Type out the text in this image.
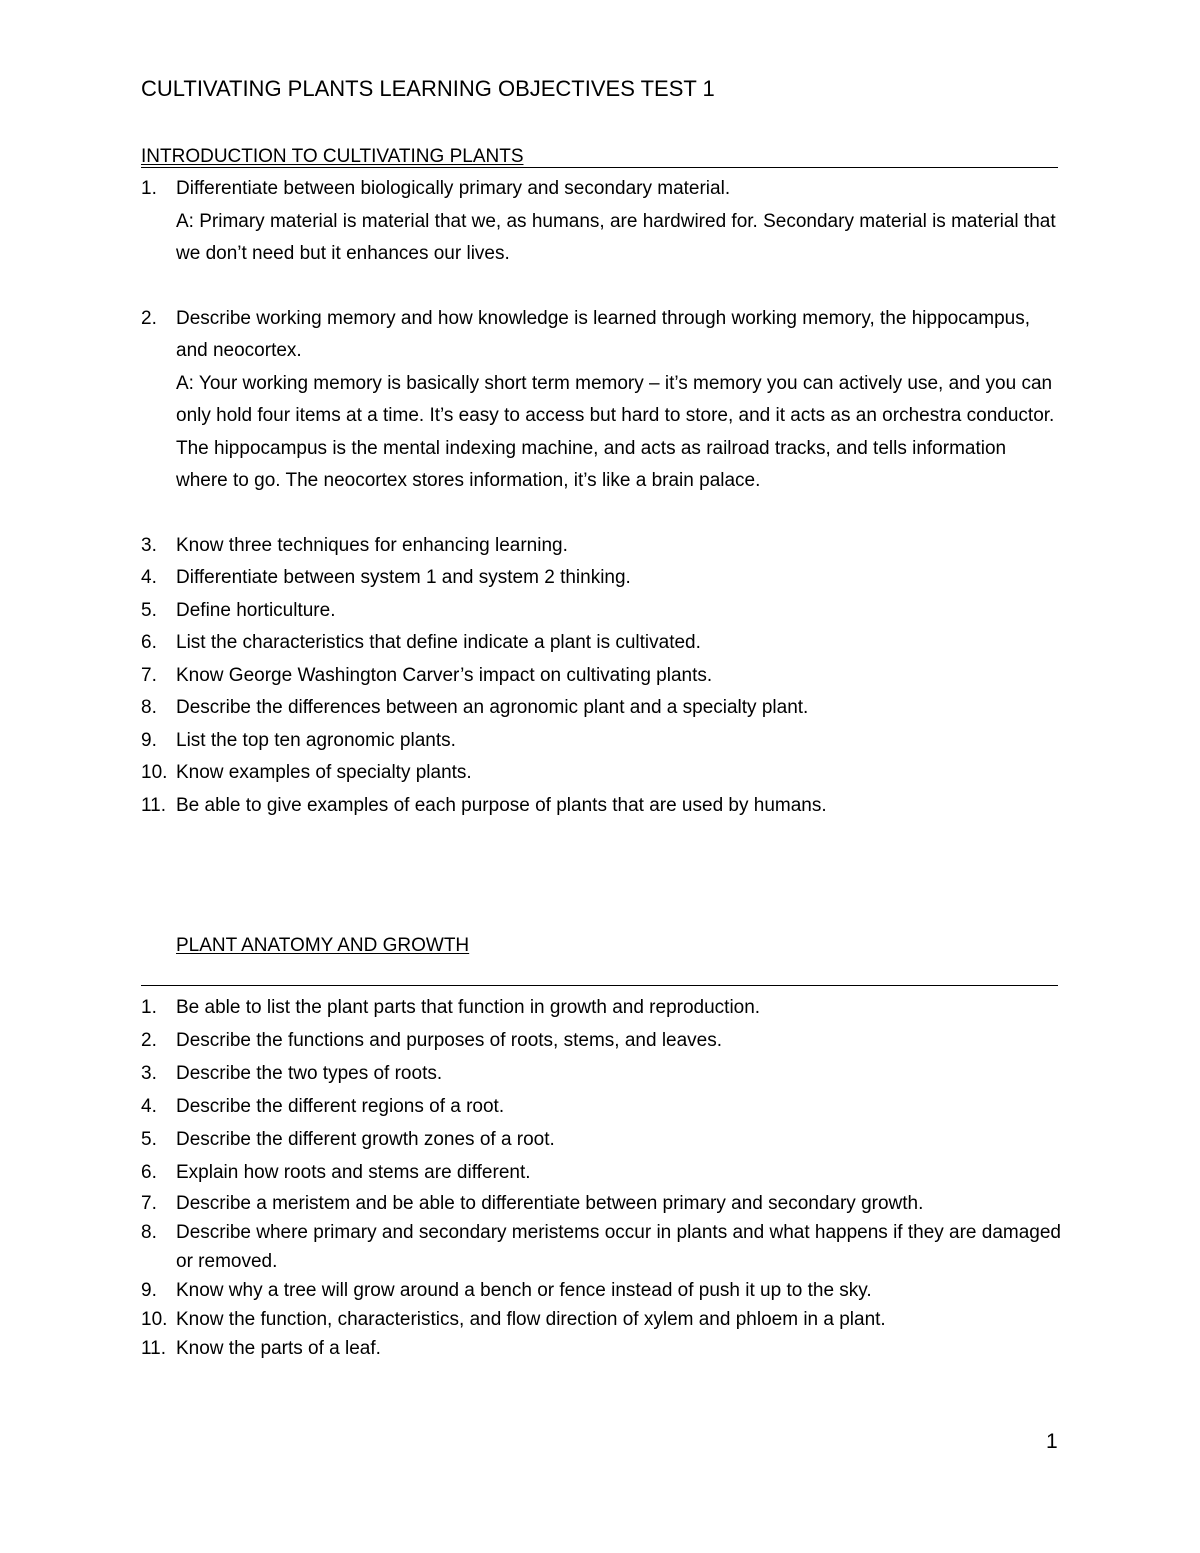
CULTIVATING PLANTS LEARNING OBJECTIVES TEST 1
INTRODUCTION TO CULTIVATING PLANTS
1.	Differentiate between biologically primary and secondary material.
A: Primary material is material that we, as humans, are hardwired for. Secondary material is material that we don’t need but it enhances our lives.
2.	Describe working memory and how knowledge is learned through working memory, the hippocampus, and neocortex.
A: Your working memory is basically short term memory – it’s memory you can actively use, and you can only hold four items at a time. It’s easy to access but hard to store, and it acts as an orchestra conductor. The hippocampus is the mental indexing machine, and acts as railroad tracks, and tells information where to go. The neocortex stores information, it’s like a brain palace.
3.	Know three techniques for enhancing learning.
4.	Differentiate between system 1 and system 2 thinking.
5.	Define horticulture.
6.	List the characteristics that define indicate a plant is cultivated.
7.	Know George Washington Carver’s impact on cultivating plants.
8.	Describe the differences between an agronomic plant and a specialty plant.
9.	List the top ten agronomic plants.
10. Know examples of specialty plants.
11. Be able to give examples of each purpose of plants that are used by humans.
PLANT ANATOMY AND GROWTH
1.	Be able to list the plant parts that function in growth and reproduction.
2.	Describe the functions and purposes of roots, stems, and leaves.
3.	Describe the two types of roots.
4.	Describe the different regions of a root.
5.	Describe the different growth zones of a root.
6.	Explain how roots and stems are different.
7.	Describe a meristem and be able to differentiate between primary and secondary growth.
8.	Describe where primary and secondary meristems occur in plants and what happens if they are damaged or removed.
9.	Know why a tree will grow around a bench or fence instead of push it up to the sky.
10. Know the function, characteristics, and flow direction of xylem and phloem in a plant.
11. Know the parts of a leaf.
1
